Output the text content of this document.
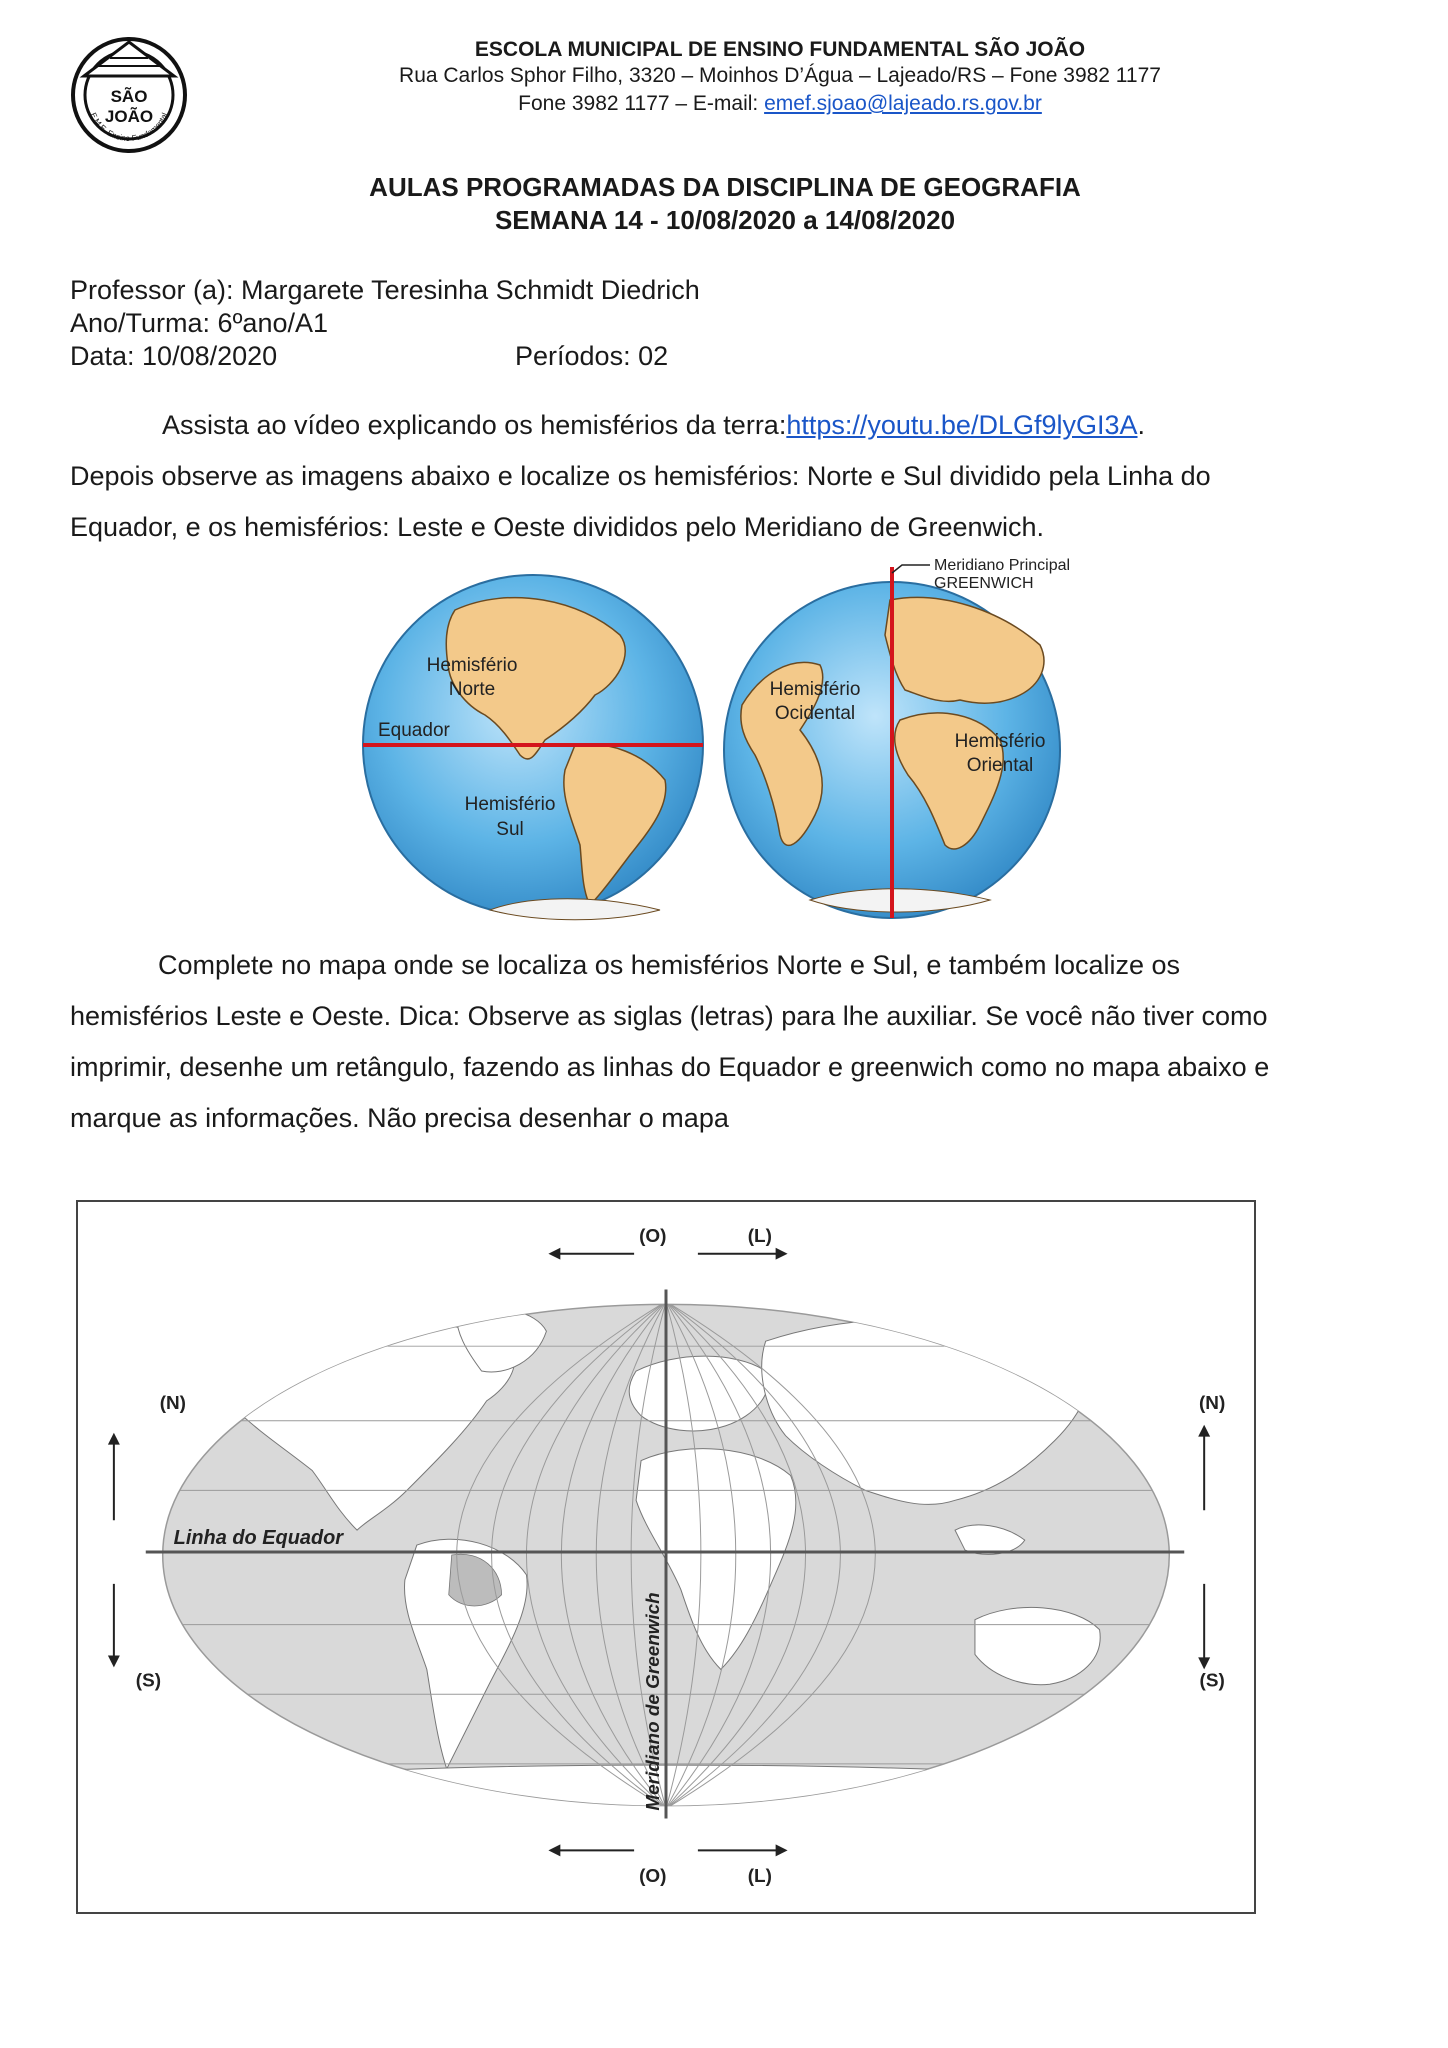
SÃO
JOÃO
E.M.E. Ensino Fundamental
ESCOLA MUNICIPAL DE ENSINO FUNDAMENTAL SÃO JOÃO
Rua Carlos Sphor Filho, 3320 – Moinhos D’Água – Lajeado/RS – Fone 3982 1177
Fone 3982 1177 – E-mail: emef.sjoao@lajeado.rs.gov.br
AULAS PROGRAMADAS DA DISCIPLINA DE GEOGRAFIA
SEMANA 14 - 10/08/2020 a 14/08/2020
Professor (a): Margarete Teresinha Schmidt Diedrich
Ano/Turma: 6ºano/A1
Data: 10/08/2020	Períodos: 02
Assista ao vídeo explicando os hemisférios da terra:https://youtu.be/DLGf9lyGI3A.
Depois observe as imagens abaixo e localize os hemisférios: Norte e Sul dividido pela Linha do
Equador, e os hemisférios: Leste e Oeste divididos pelo Meridiano de Greenwich.
Hemisfério
Norte
Equador
Hemisfério
Sul
Meridiano Principal
GREENWICH
Hemisfério
Ocidental
Hemisfério
Oriental
Complete no mapa onde se localiza os hemisférios Norte e Sul, e também localize os
hemisférios Leste e Oeste. Dica: Observe as siglas (letras) para lhe auxiliar. Se você não tiver como
imprimir, desenhe um retângulo, fazendo as linhas do Equador e greenwich como no mapa abaixo e
marque as informações. Não precisa desenhar o mapa
Linha do Equador
Meridiano de Greenwich
(O)	(L)
(O)	(L)
(N)
(S)
(N)
(S)
